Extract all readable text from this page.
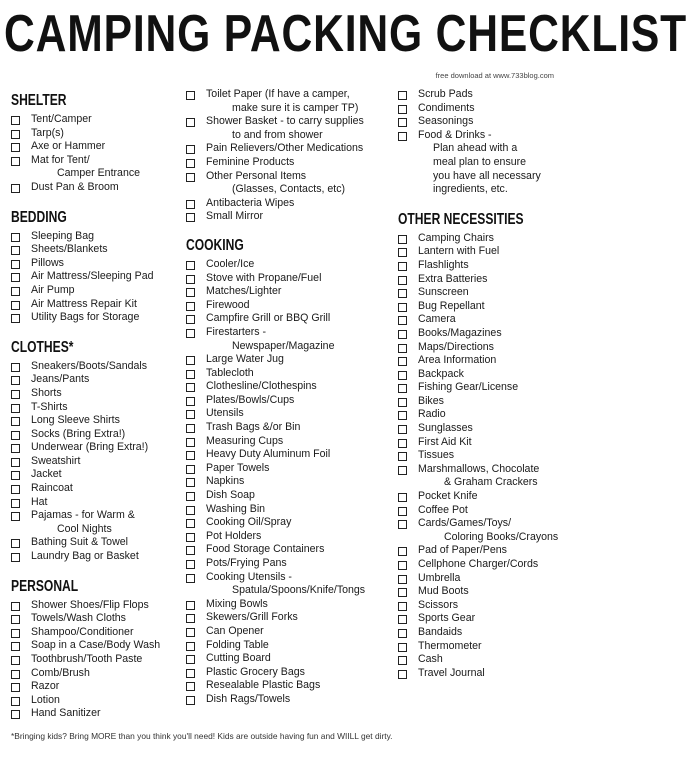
CAMPING PACKING CHECKLIST
free download at www.733blog.com
SHELTER
Tent/Camper
Tarp(s)
Axe or Hammer
Mat for Tent/
Camper Entrance
Dust Pan & Broom
BEDDING
Sleeping Bag
Sheets/Blankets
Pillows
Air Mattress/Sleeping Pad
Air Pump
Air Mattress Repair Kit
Utility Bags for Storage
CLOTHES*
Sneakers/Boots/Sandals
Jeans/Pants
Shorts
T-Shirts
Long Sleeve Shirts
Socks (Bring Extra!)
Underwear (Bring Extra!)
Sweatshirt
Jacket
Raincoat
Hat
Pajamas - for Warm &
Cool Nights
Bathing Suit & Towel
Laundry Bag or Basket
PERSONAL
Shower Shoes/Flip Flops
Towels/Wash Cloths
Shampoo/Conditioner
Soap in a Case/Body Wash
Toothbrush/Tooth Paste
Comb/Brush
Razor
Lotion
Hand Sanitizer
Toilet Paper (If have a camper,
make sure it is camper TP)
Shower Basket - to carry supplies
to and from shower
Pain Relievers/Other Medications
Feminine Products
Other Personal Items
(Glasses, Contacts, etc)
Antibacteria Wipes
Small Mirror
COOKING
Cooler/Ice
Stove with Propane/Fuel
Matches/Lighter
Firewood
Campfire Grill or BBQ Grill
Firestarters -
Newspaper/Magazine
Large Water Jug
Tablecloth
Clothesline/Clothespins
Plates/Bowls/Cups
Utensils
Trash Bags &/or Bin
Measuring Cups
Heavy Duty Aluminum Foil
Paper Towels
Napkins
Dish Soap
Washing Bin
Cooking Oil/Spray
Pot Holders
Food Storage Containers
Pots/Frying Pans
Cooking Utensils -
Spatula/Spoons/Knife/Tongs
Mixing Bowls
Skewers/Grill Forks
Can Opener
Folding Table
Cutting Board
Plastic Grocery Bags
Resealable Plastic Bags
Dish Rags/Towels
Scrub Pads
Condiments
Seasonings
Food & Drinks -
Plan ahead with a
meal plan to ensure
you have all necessary
ingredients, etc.
OTHER NECESSITIES
Camping Chairs
Lantern with Fuel
Flashlights
Extra Batteries
Sunscreen
Bug Repellant
Camera
Books/Magazines
Maps/Directions
Area Information
Backpack
Fishing Gear/License
Bikes
Radio
Sunglasses
First Aid Kit
Tissues
Marshmallows, Chocolate
& Graham Crackers
Pocket Knife
Coffee Pot
Cards/Games/Toys/
Coloring Books/Crayons
Pad of Paper/Pens
Cellphone Charger/Cords
Umbrella
Mud Boots
Scissors
Sports Gear
Bandaids
Thermometer
Cash
Travel Journal
*Bringing kids? Bring MORE than you think you'll need! Kids are outside having fun and WIILL get dirty.
